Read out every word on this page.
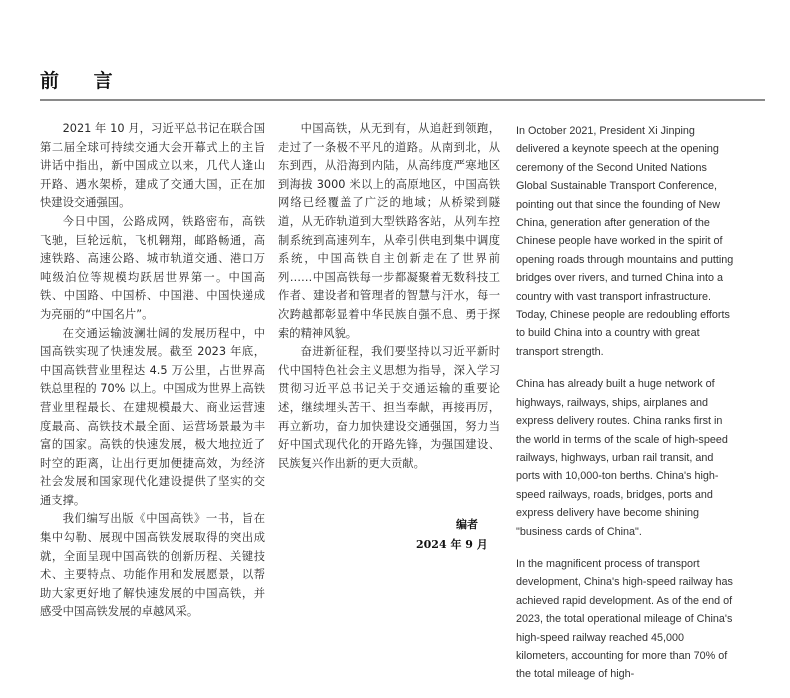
前 言

2021 年 10 月，习近平总书记在联合国第二届全球可持续交通大会开幕式上的主旨讲话中指出，新中国成立以来，几代人逢山开路、遇水架桥，建成了交通大国，正在加快建设交通强国。

今日中国，公路成网，铁路密布，高铁飞驰，巨轮远航，飞机翱翔，邮路畅通，高速铁路、高速公路、城市轨道交通、港口万吨级泊位等规模均跃居世界第一。中国高铁、中国路、中国桥、中国港、中国快递成为亮丽的“中国名片”。

在交通运输波澜壮阔的发展历程中，中国高铁实现了快速发展。截至 2023 年底，中国高铁营业里程达 4.5 万公里，占世界高铁总里程的 70% 以上。中国成为世界上高铁营业里程最长、在建规模最大、商业运营速度最高、高铁技术最全面、运营场景最为丰富的国家。高铁的快速发展，极大地拉近了时空的距离，让出行更加便捷高效，为经济社会发展和国家现代化建设提供了坚实的交通支撑。

我们编写出版《中国高铁》一书，旨在集中勾勒、展现中国高铁发展取得的突出成就，全面呈现中国高铁的创新历程、关键技术、主要特点、功能作用和发展愿景，以帮助大家更好地了解快速发展的中国高铁，并感受中国高铁发展的卓越风采。

中国高铁，从无到有，从追赶到领跑，走过了一条极不平凡的道路。从南到北，从东到西，从沿海到内陆，从高纬度严寒地区到海拔 3000 米以上的高原地区，中国高铁网络已经覆盖了广泛的地域；从桥梁到隧道，从无砟轨道到大型铁路客站，从列车控制系统到高速列车，从牵引供电到集中调度系统，中国高铁自主创新走在了世界前列……中国高铁每一步都凝聚着无数科技工作者、建设者和管理者的智慧与汗水，每一次跨越都彰显着中华民族自强不息、勇于探索的精神风貌。

奋进新征程，我们要坚持以习近平新时代中国特色社会主义思想为指导，深入学习贯彻习近平总书记关于交通运输的重要论述，继续埋头苦干、担当奉献，再接再厉，再立新功，奋力加快建设交通强国，努力当好中国式现代化的开路先锋，为强国建设、民族复兴作出新的更大贡献。

编者
2024 年 9 月

In October 2021, President Xi Jinping delivered a keynote speech at the opening ceremony of the Second United Nations Global Sustainable Transport Conference, pointing out that since the founding of New China, generation after generation of the Chinese people have worked in the spirit of opening roads through mountains and putting bridges over rivers, and turned China into a country with vast transport infrastructure. Today, Chinese people are redoubling efforts to build China into a country with great transport strength.

China has already built a huge network of highways, railways, ships, airplanes and express delivery routes. China ranks first in the world in terms of the scale of high-speed railways, highways, urban rail transit, and ports with 10,000-ton berths. China's high-speed railways, roads, bridges, ports and express delivery have become shining "business cards of China".

In the magnificent process of transport development, China's high-speed railway has achieved rapid development. As of the end of 2023, the total operational mileage of China's high-speed railway reached 45,000 kilometers, accounting for more than 70% of the total mileage of high-
